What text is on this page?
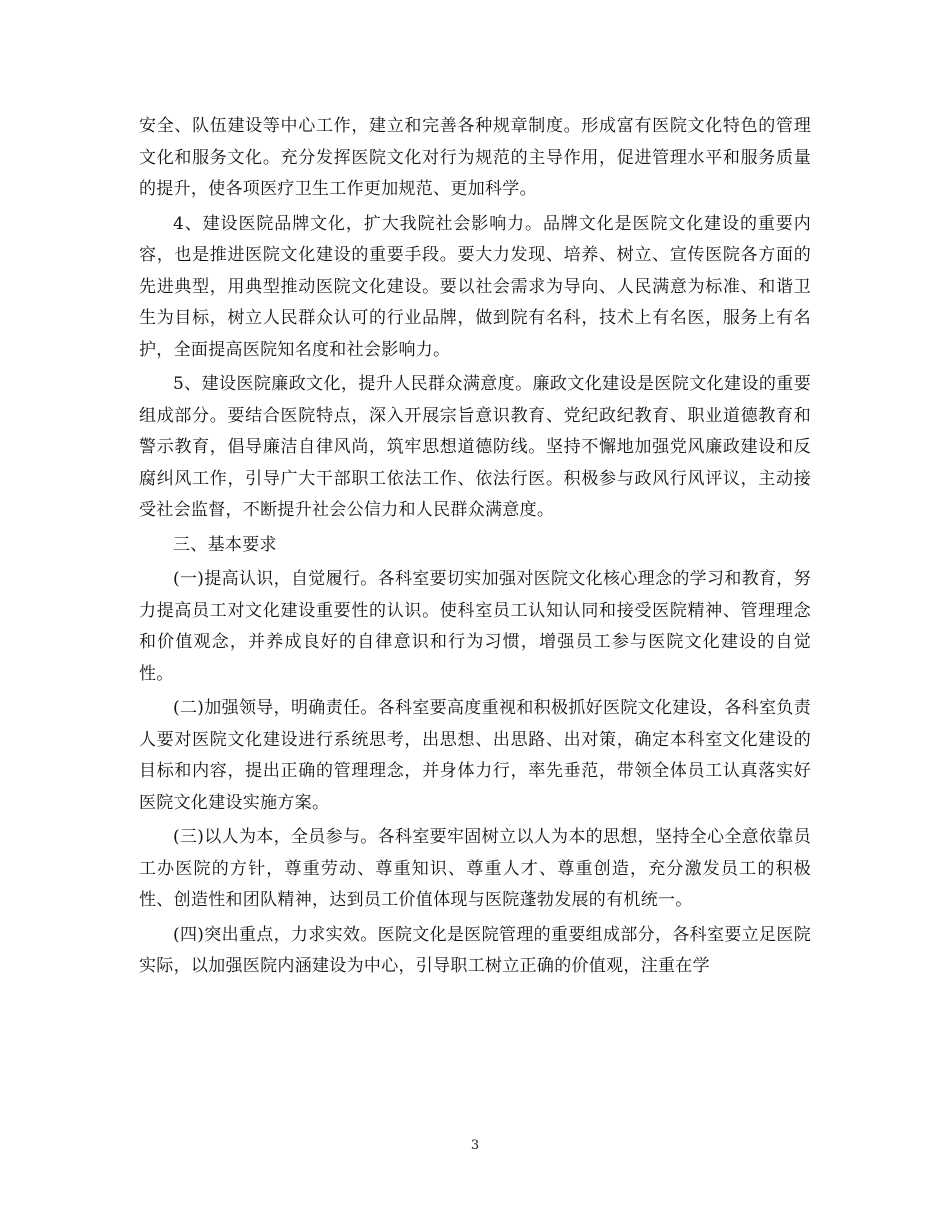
安全、队伍建设等中心工作，建立和完善各种规章制度。形成富有医院文化特色的管理文化和服务文化。充分发挥医院文化对行为规范的主导作用，促进管理水平和服务质量的提升，使各项医疗卫生工作更加规范、更加科学。

4、建设医院品牌文化，扩大我院社会影响力。品牌文化是医院文化建设的重要内容，也是推进医院文化建设的重要手段。要大力发现、培养、树立、宣传医院各方面的先进典型，用典型推动医院文化建设。要以社会需求为导向、人民满意为标准、和谐卫生为目标，树立人民群众认可的行业品牌，做到院有名科，技术上有名医，服务上有名护，全面提高医院知名度和社会影响力。

5、建设医院廉政文化，提升人民群众满意度。廉政文化建设是医院文化建设的重要组成部分。要结合医院特点，深入开展宗旨意识教育、党纪政纪教育、职业道德教育和警示教育，倡导廉洁自律风尚，筑牢思想道德防线。坚持不懈地加强党风廉政建设和反腐纠风工作，引导广大干部职工依法工作、依法行医。积极参与政风行风评议，主动接受社会监督，不断提升社会公信力和人民群众满意度。

三、基本要求

(一)提高认识，自觉履行。各科室要切实加强对医院文化核心理念的学习和教育，努力提高员工对文化建设重要性的认识。使科室员工认知认同和接受医院精神、管理理念和价值观念，并养成良好的自律意识和行为习惯，增强员工参与医院文化建设的自觉性。

(二)加强领导，明确责任。各科室要高度重视和积极抓好医院文化建设，各科室负责人要对医院文化建设进行系统思考，出思想、出思路、出对策，确定本科室文化建设的目标和内容，提出正确的管理理念，并身体力行，率先垂范，带领全体员工认真落实好医院文化建设实施方案。

(三)以人为本，全员参与。各科室要牢固树立以人为本的思想，坚持全心全意依靠员工办医院的方针，尊重劳动、尊重知识、尊重人才、尊重创造，充分激发员工的积极性、创造性和团队精神，达到员工价值体现与医院蓬勃发展的有机统一。

(四)突出重点，力求实效。医院文化是医院管理的重要组成部分，各科室要立足医院实际，以加强医院内涵建设为中心，引导职工树立正确的价值观，注重在学

3
